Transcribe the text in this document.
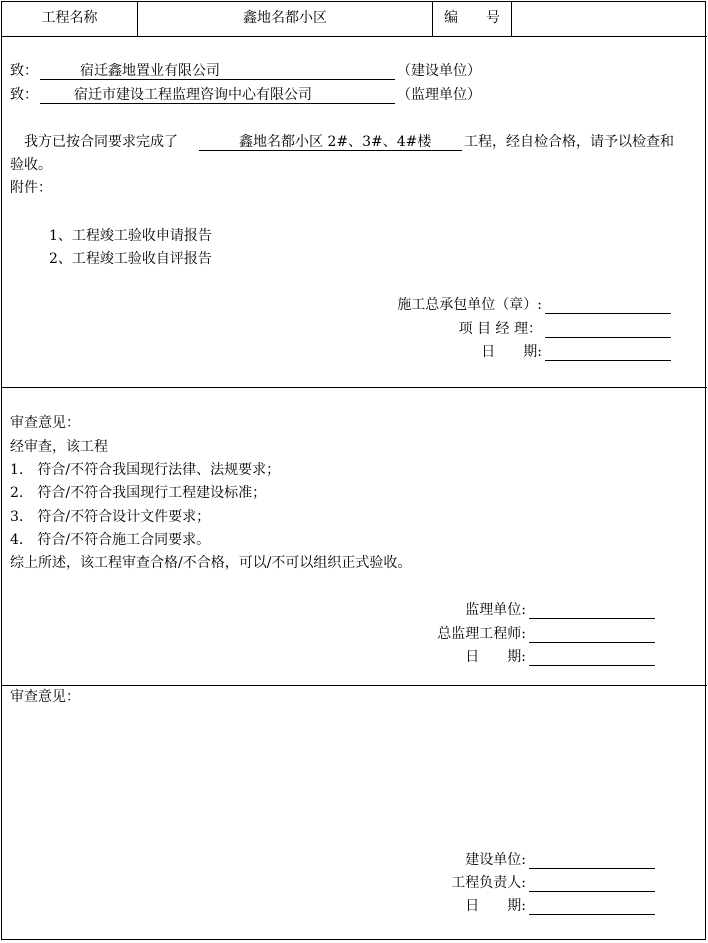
工程名称	鑫地名都小区	编　　号
致：	宿迁鑫地置业有限公司	（建设单位）
致：	宿迁市建设工程监理咨询中心有限公司	（监理单位）
我方已按合同要求完成了	鑫地名都小区 2#、3#、4#楼 工程，经自检合格，请予以检查和
验收。
附件：
1、工程竣工验收申请报告
2、工程竣工验收自评报告
施工总承包单位（章）:
项 目 经 理：
日　　期:
审查意见：
经审查，该工程
1.　符合/不符合我国现行法律、法规要求；
2.　符合/不符合我国现行工程建设标准；
3.　符合/不符合设计文件要求；
4.　符合/不符合施工合同要求。
综上所述，该工程审查合格/不合格，可以/不可以组织正式验收。
监理单位:
总监理工程师:
日　　期:
审查意见：
建设单位:
工程负责人:
日　　期:
